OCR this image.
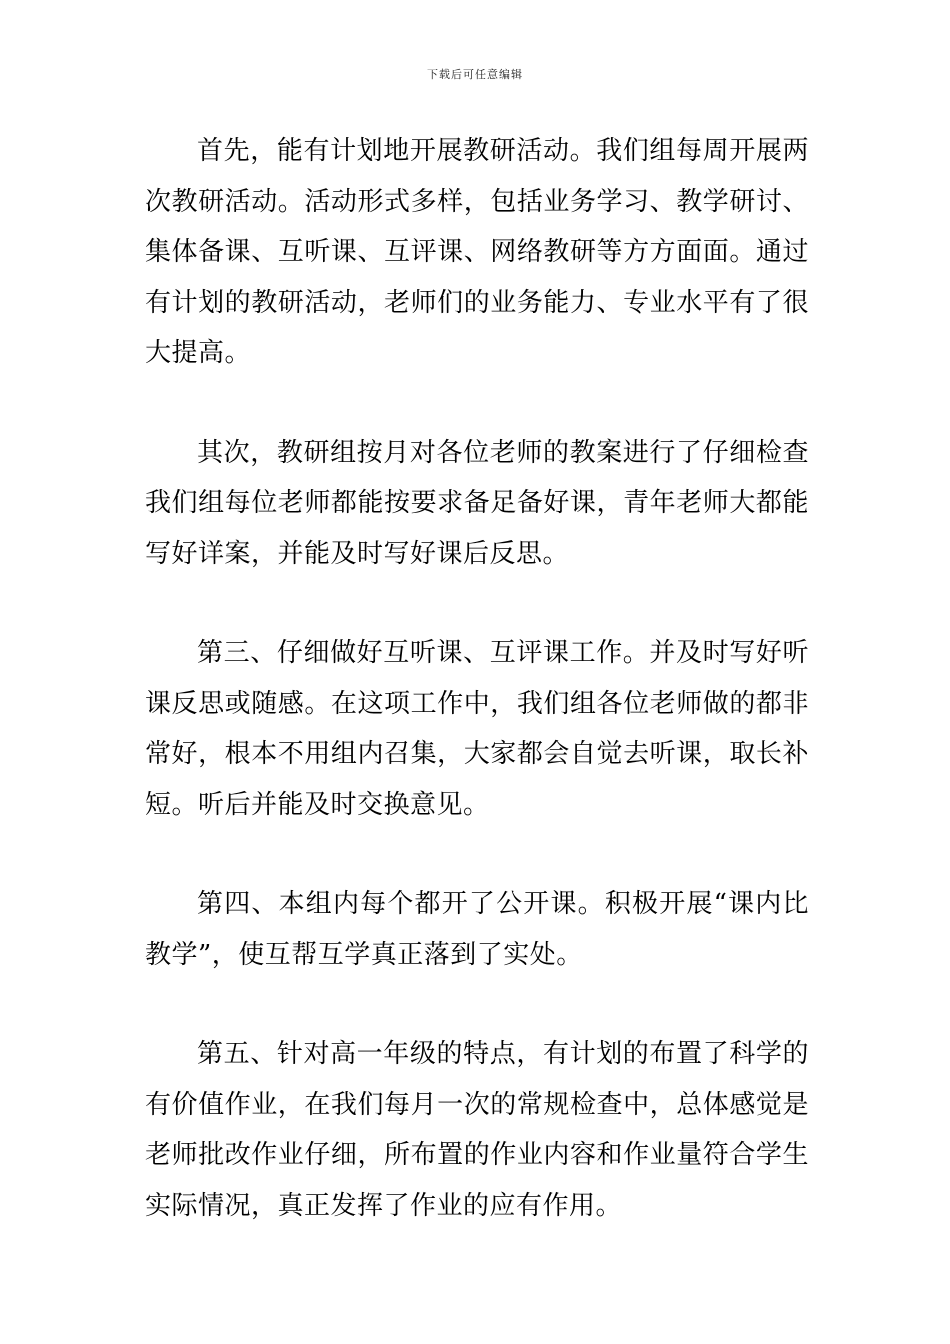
下载后可任意编辑

首先，能有计划地开展教研活动。我们组每周开展两次教研活动。活动形式多样，包括业务学习、教学研讨、集体备课、互听课、互评课、网络教研等方方面面。通过有计划的教研活动，老师们的业务能力、专业水平有了很大提高。

其次，教研组按月对各位老师的教案进行了仔细检查我们组每位老师都能按要求备足备好课，青年老师大都能写好详案，并能及时写好课后反思。

第三、仔细做好互听课、互评课工作。并及时写好听课反思或随感。在这项工作中，我们组各位老师做的都非常好，根本不用组内召集，大家都会自觉去听课，取长补短。听后并能及时交换意见。

第四、本组内每个都开了公开课。积极开展“课内比教学”，使互帮互学真正落到了实处。

第五、针对高一年级的特点，有计划的布置了科学的有价值作业，在我们每月一次的常规检查中，总体感觉是老师批改作业仔细，所布置的作业内容和作业量符合学生实际情况，真正发挥了作业的应有作用。
